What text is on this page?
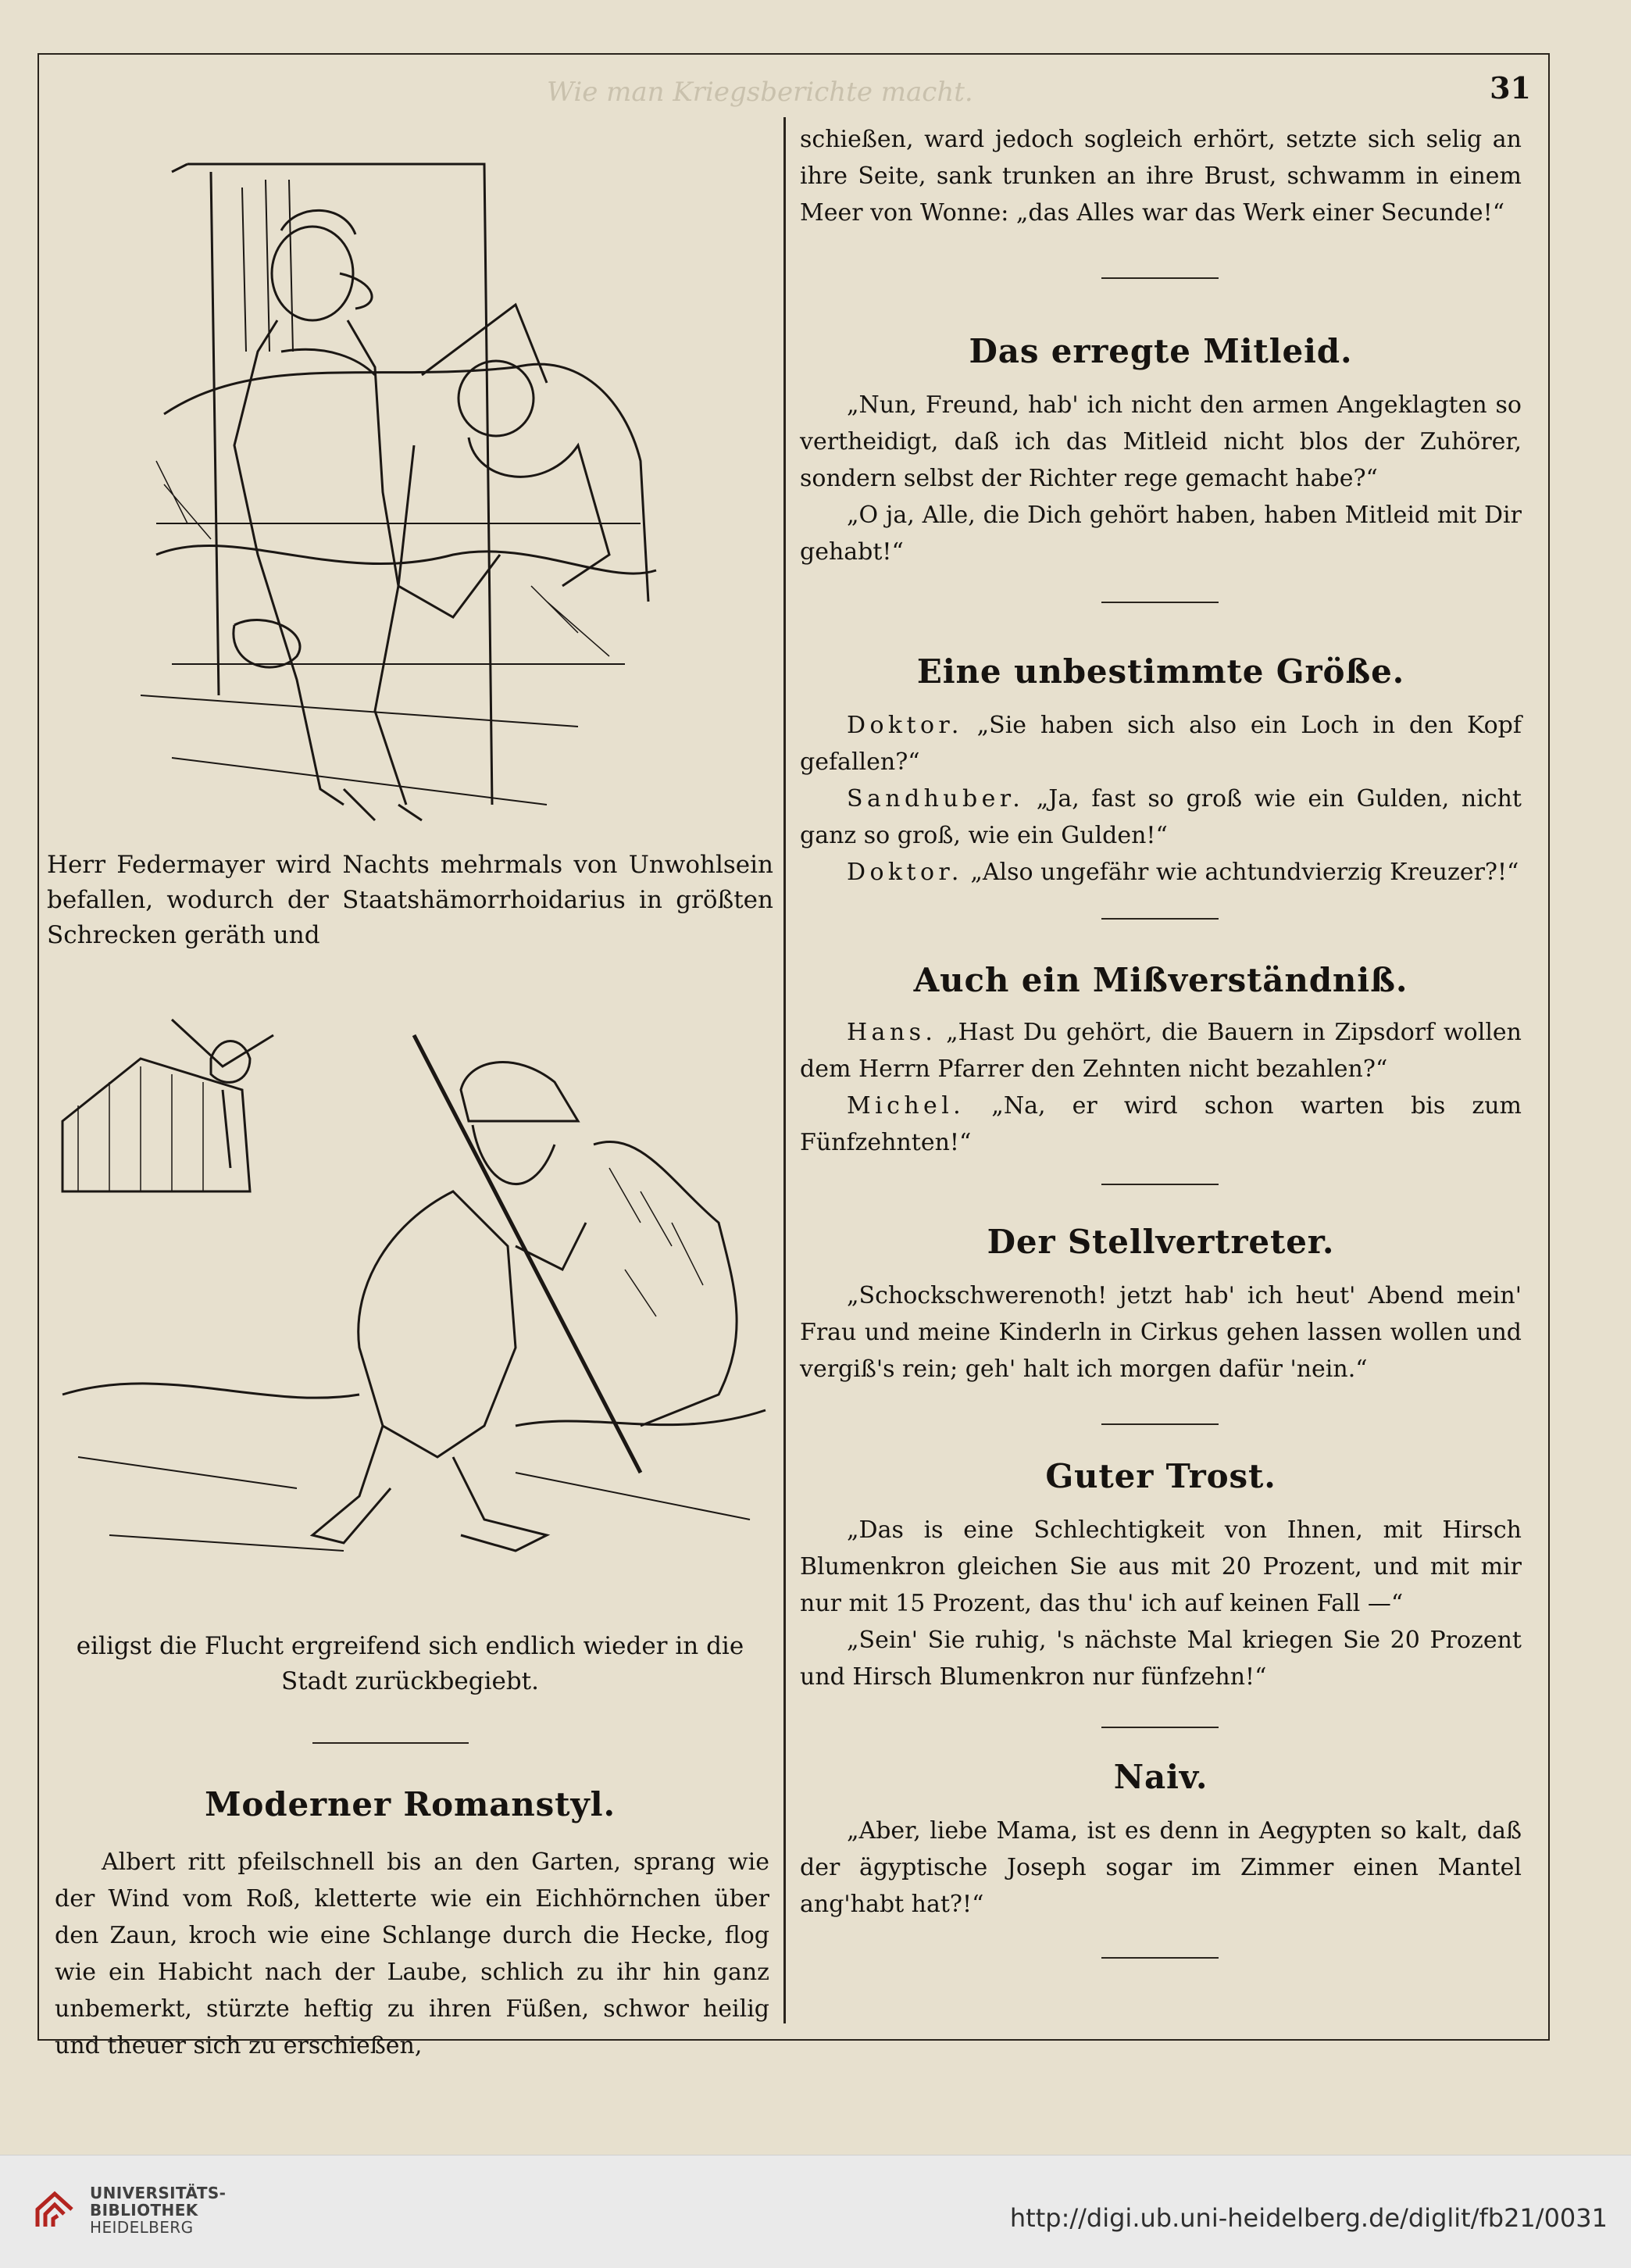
Wie man Kriegsberichte macht.	31
Herr Federmayer wird Nachts mehrmals von Unwohlsein befallen, wodurch der Staatshämorrhoidarius in größten Schrecken geräth und
eiligst die Flucht ergreifend sich endlich wieder in die Stadt zurückbegiebt.
Moderner Romanstyl.

Albert ritt pfeilschnell bis an den Garten, sprang wie der Wind vom Roß, kletterte wie ein Eichhörnchen über den Zaun, kroch wie eine Schlange durch die Hecke, flog wie ein Habicht nach der Laube, schlich zu ihr hin ganz unbemerkt, stürzte heftig zu ihren Füßen, schwor heilig und theuer sich zu erschießen,

schießen, ward jedoch sogleich erhört, setzte sich selig an ihre Seite, sank trunken an ihre Brust, schwamm in einem Meer von Wonne: „das Alles war das Werk einer Secunde!“

Das erregte Mitleid.

„Nun, Freund, hab' ich nicht den armen Angeklagten so vertheidigt, daß ich das Mitleid nicht blos der Zuhörer, sondern selbst der Richter rege gemacht habe?“

„O ja, Alle, die Dich gehört haben, haben Mitleid mit Dir gehabt!“

Eine unbestimmte Größe.

Doktor. „Sie haben sich also ein Loch in den Kopf gefallen?“

Sandhuber. „Ja, fast so groß wie ein Gulden, nicht ganz so groß, wie ein Gulden!“

Doktor. „Also ungefähr wie achtundvierzig Kreuzer?!“

Auch ein Mißverständniß.

Hans. „Hast Du gehört, die Bauern in Zipsdorf wollen dem Herrn Pfarrer den Zehnten nicht bezahlen?“

Michel. „Na, er wird schon warten bis zum Fünfzehnten!“

Der Stellvertreter.

„Schockschwerenoth! jetzt hab' ich heut' Abend mein' Frau und meine Kinderln in Cirkus gehen lassen wollen und vergiß's rein; geh' halt ich morgen dafür 'nein.“

Guter Trost.

„Das is eine Schlechtigkeit von Ihnen, mit Hirsch Blumenkron gleichen Sie aus mit 20 Prozent, und mit mir nur mit 15 Prozent, das thu' ich auf keinen Fall —“

„Sein' Sie ruhig, 's nächste Mal kriegen Sie 20 Prozent und Hirsch Blumenkron nur fünfzehn!“

Naiv.

„Aber, liebe Mama, ist es denn in Aegypten so kalt, daß der ägyptische Joseph sogar im Zimmer einen Mantel ang'habt hat?!“

UNIVERSITÄTS-
BIBLIOTHEK
HEIDELBERG	http://digi.ub.uni-heidelberg.de/diglit/fb21/0031
